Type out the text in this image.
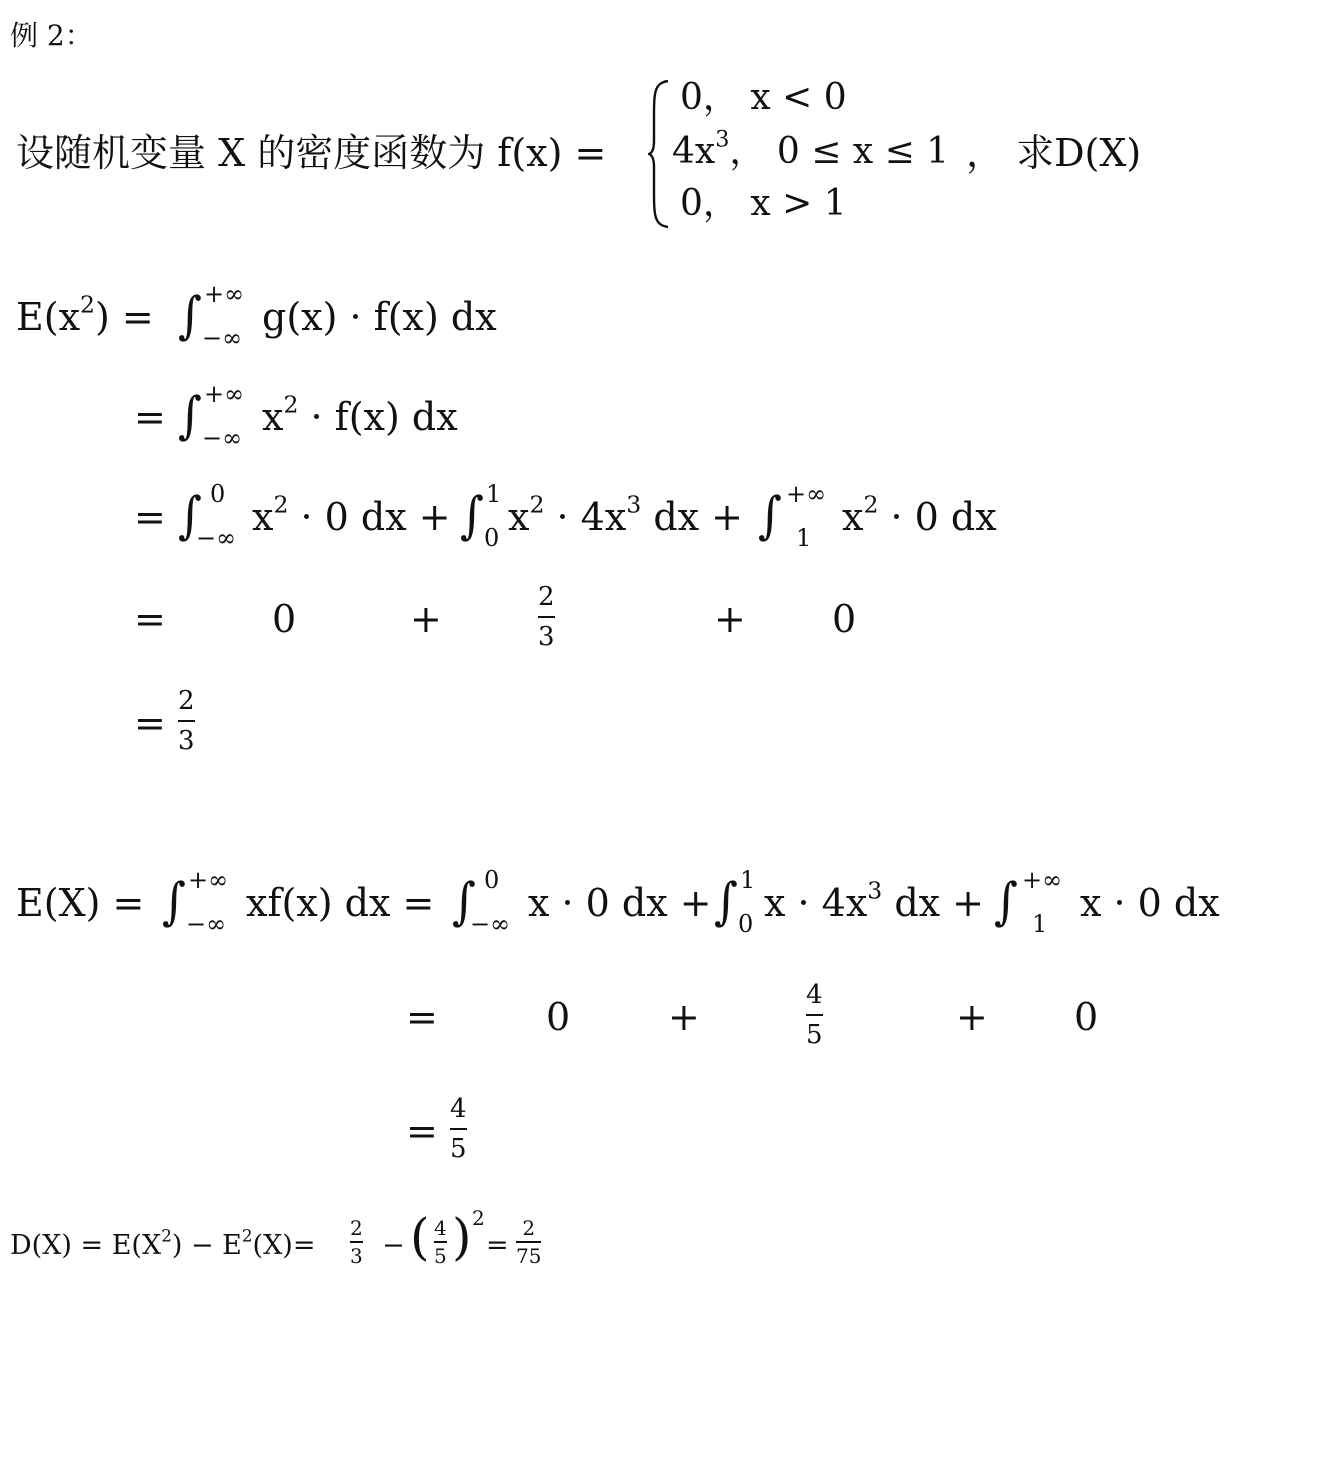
例 2：
设随机变量 X 的密度函数为 f(x) =
0， x < 0
$4x^3$， 0 ≤ x ≤ 1
0， x > 1
， 求D(X)
$E(x^2)$ = ∫ +∞
−∞ g(x) · f(x) dx
= ∫ +∞
−∞ $x^2 \cdot f(x)$ dx
= ∫ 0
−∞ $x^2 \cdot 0$ dx + ∫ 1
0 $x^2 \cdot 4x^3$ dx + ∫ +∞
1 $x^2 \cdot 0$ dx
=	0	+	2
3	+ 0
= 2
3
E(X) = ∫ +∞
−∞ xf(x) dx = ∫ 0
−∞ x · 0 dx + ∫ 1
0 $x \cdot 4x^3$ dx + ∫ +∞
1 x · 0 dx
=	0	+	4
5	+ 0
= 4
5
$D(X) = E(X^2) - E^2(X)=$
2
3 − ( 4
5 ) 2
=
2
75
